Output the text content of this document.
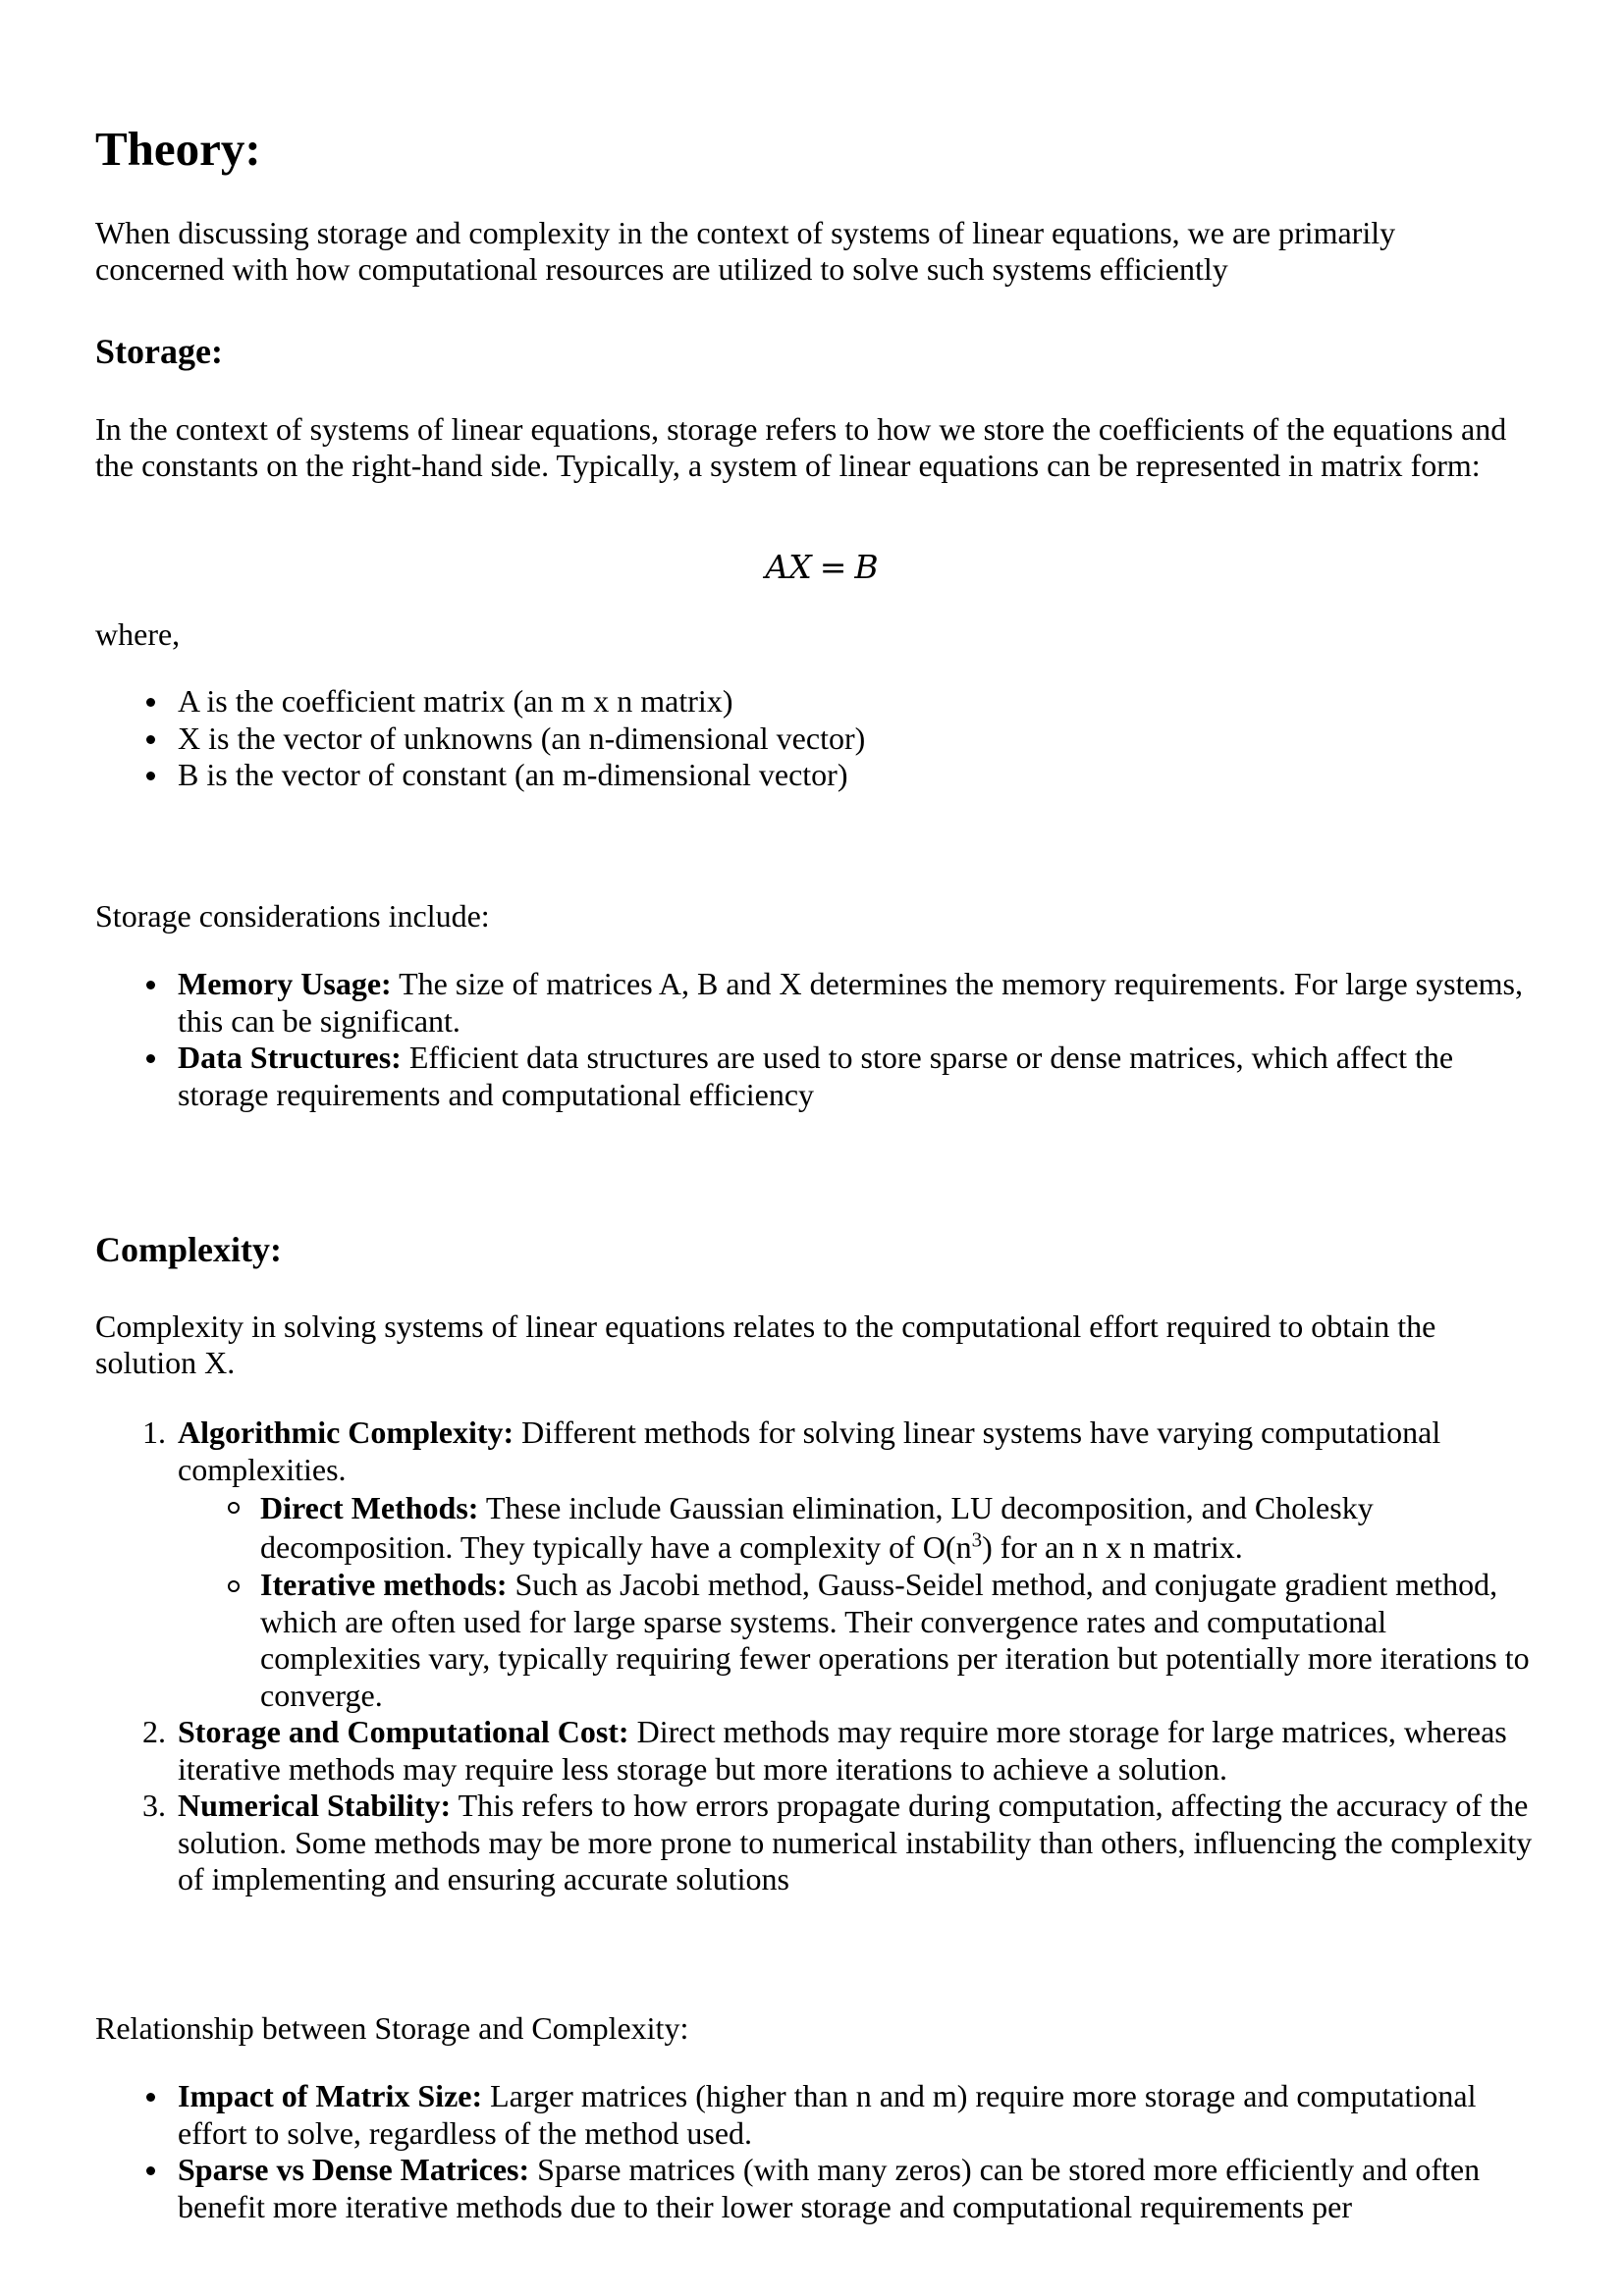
Theory:

When discussing storage and complexity in the context of systems of linear equations, we are primarily concerned with how computational resources are utilized to solve such systems efficiently

Storage:

In the context of systems of linear equations, storage refers to how we store the coefficients of the equations and the constants on the right-hand side. Typically, a system of linear equations can be represented in matrix form:

AX = B

where,

A is the coefficient matrix (an m x n matrix)
X is the vector of unknowns (an n-dimensional vector)
B is the vector of constant (an m-dimensional vector)

Storage considerations include:

Memory Usage: The size of matrices A, B and X determines the memory requirements. For large systems, this can be significant.
Data Structures: Efficient data structures are used to store sparse or dense matrices, which affect the storage requirements and computational efficiency
Complexity:

Complexity in solving systems of linear equations relates to the computational effort required to obtain the solution X.

1. Algorithmic Complexity: Different methods for solving linear systems have varying computational complexities.
Direct Methods: These include Gaussian elimination, LU decomposition, and Cholesky decomposition. They typically have a complexity of $O(n^3)$ for an n x n matrix.
Iterative methods: Such as Jacobi method, Gauss-Seidel method, and conjugate gradient method, which are often used for large sparse systems. Their convergence rates and computational complexities vary, typically requiring fewer operations per iteration but potentially more iterations to converge.
2. Storage and Computational Cost: Direct methods may require more storage for large matrices, whereas iterative methods may require less storage but more iterations to achieve a solution.
3. Numerical Stability: This refers to how errors propagate during computation, affecting the accuracy of the solution. Some methods may be more prone to numerical instability than others, influencing the complexity of implementing and ensuring accurate solutions

Relationship between Storage and Complexity:

Impact of Matrix Size: Larger matrices (higher than n and m) require more storage and computational effort to solve, regardless of the method used.
Sparse vs Dense Matrices: Sparse matrices (with many zeros) can be stored more efficiently and often benefit more iterative methods due to their lower storage and computational requirements per
